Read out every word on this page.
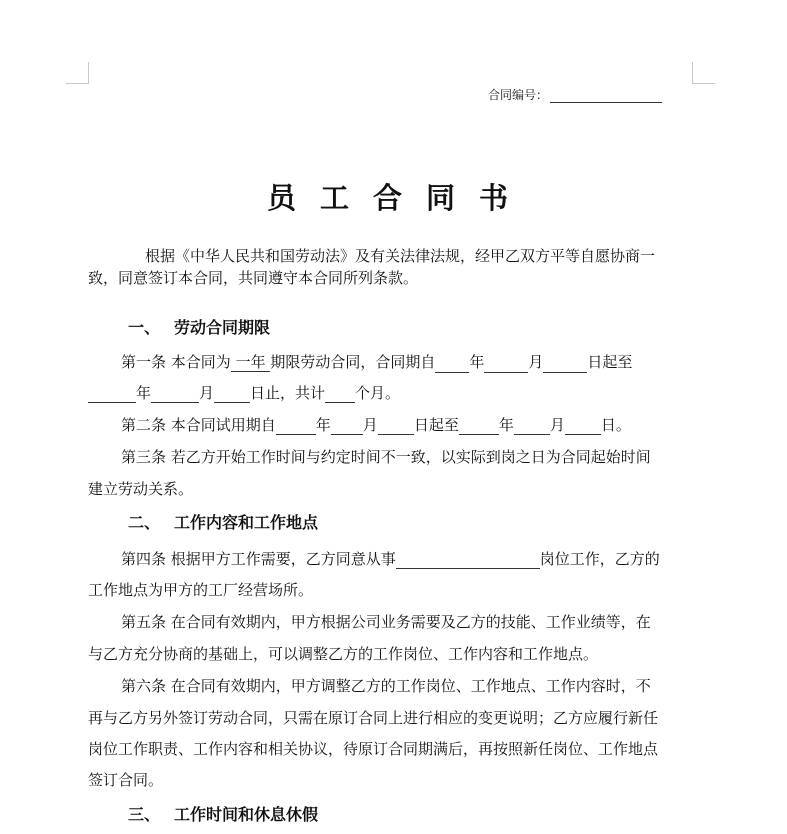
合同编号：
员工合同书
根据《中华人民共和国劳动法》及有关法律法规，经甲乙双方平等自愿协商一
致，同意签订本合同，共同遵守本合同所列条款。
一、 劳动合同期限
第一条 本合同为 一年 期限劳动合同，合同期自 年	月	日起至
年	月 日止，共计 个月。
第二条 本合同试用期自	年 月 日起至	年 月 日。
第三条 若乙方开始工作时间与约定时间不一致，以实际到岗之日为合同起始时间
建立劳动关系。
二、 工作内容和工作地点
第四条 根据甲方工作需要，乙方同意从事	岗位工作，乙方的
工作地点为甲方的工厂经营场所。
第五条 在合同有效期内，甲方根据公司业务需要及乙方的技能、工作业绩等，在
与乙方充分协商的基础上，可以调整乙方的工作岗位、工作内容和工作地点。
第六条 在合同有效期内，甲方调整乙方的工作岗位、工作地点、工作内容时，不
再与乙方另外签订劳动合同，只需在原订合同上进行相应的变更说明；乙方应履行新任
岗位工作职责、工作内容和相关协议，待原订合同期满后，再按照新任岗位、工作地点
签订合同。
三、 工作时间和休息休假
